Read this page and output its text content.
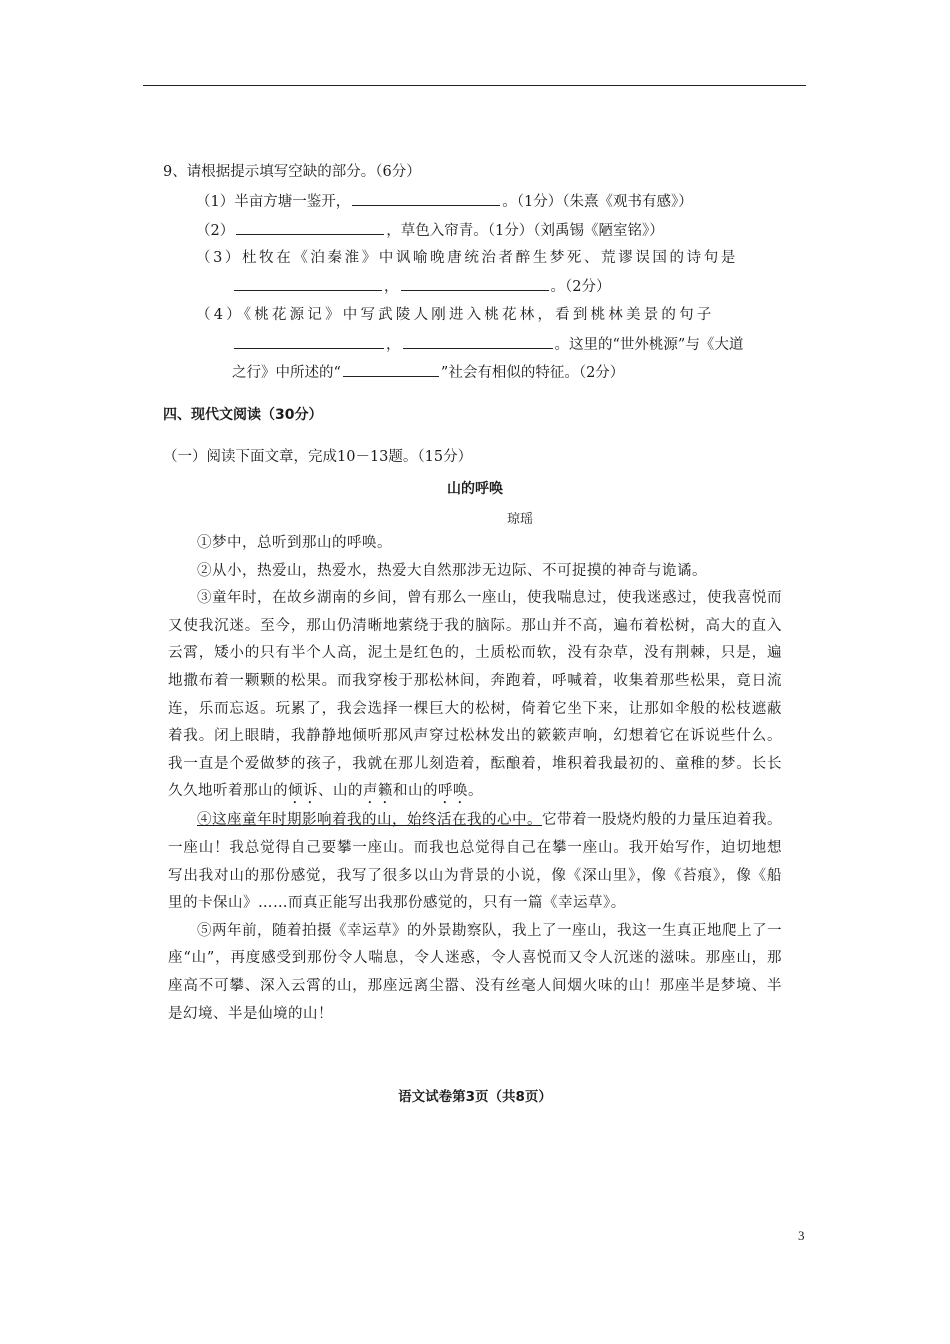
9、请根据提示填写空缺的部分。（6分）
（1）半亩方塘一鉴开，	。（1分）（朱熹《观书有感》）
（2）	，草色入帘青。（1分）（刘禹锡《陋室铭》）
（3）杜牧在《泊秦淮》中讽喻晚唐统治者醉生梦死、荒谬误国的诗句是
，	。（2分）
（4）《桃花源记》中写武陵人刚进入桃花林，看到桃林美景的句子
，	。这里的“世外桃源”与《大道
之行》中所述的“	”社会有相似的特征。（2分）
四、现代文阅读（30分）
（一）阅读下面文章，完成10－13题。（15分）
山的呼唤
琼瑶

①梦中，总听到那山的呼唤。

②从小，热爱山，热爱水，热爱大自然那涉无边际、不可捉摸的神奇与诡谲。

③童年时，在故乡湖南的乡间，曾有那么一座山，使我喘息过，使我迷惑过，使我喜悦而又使我沉迷。至今，那山仍清晰地萦绕于我的脑际。那山并不高，遍布着松树，高大的直入云霄，矮小的只有半个人高，泥土是红色的，土质松而软，没有杂草，没有荆棘，只是，遍地撒布着一颗颗的松果。而我穿梭于那松林间，奔跑着，呼喊着，收集着那些松果，竟日流连，乐而忘返。玩累了，我会选择一棵巨大的松树，倚着它坐下来，让那如伞般的松枝遮蔽着我。闭上眼睛，我静静地倾听那风声穿过松林发出的簌簌声响，幻想着它在诉说些什么。我一直是个爱做梦的孩子，我就在那儿刻造着，酝酿着，堆积着我最初的、童稚的梦。长长久久地听着那山的倾诉、山的声籁和山的呼唤。

④这座童年时期影响着我的山，始终活在我的心中。它带着一股烧灼般的力量压迫着我。一座山！我总觉得自己要攀一座山。而我也总觉得自己在攀一座山。我开始写作，迫切地想写出我对山的那份感觉，我写了很多以山为背景的小说，像《深山里》，像《苔痕》，像《船里的卡保山》……而真正能写出我那份感觉的，只有一篇《幸运草》。

⑤两年前，随着拍摄《幸运草》的外景勘察队，我上了一座山，我这一生真正地爬上了一座“山”，再度感受到那份令人喘息，令人迷惑，令人喜悦而又令人沉迷的滋味。那座山，那座高不可攀、深入云霄的山，那座远离尘嚣、没有丝毫人间烟火味的山！那座半是梦境、半是幻境、半是仙境的山！

语文试卷第3页（共8页）
3
